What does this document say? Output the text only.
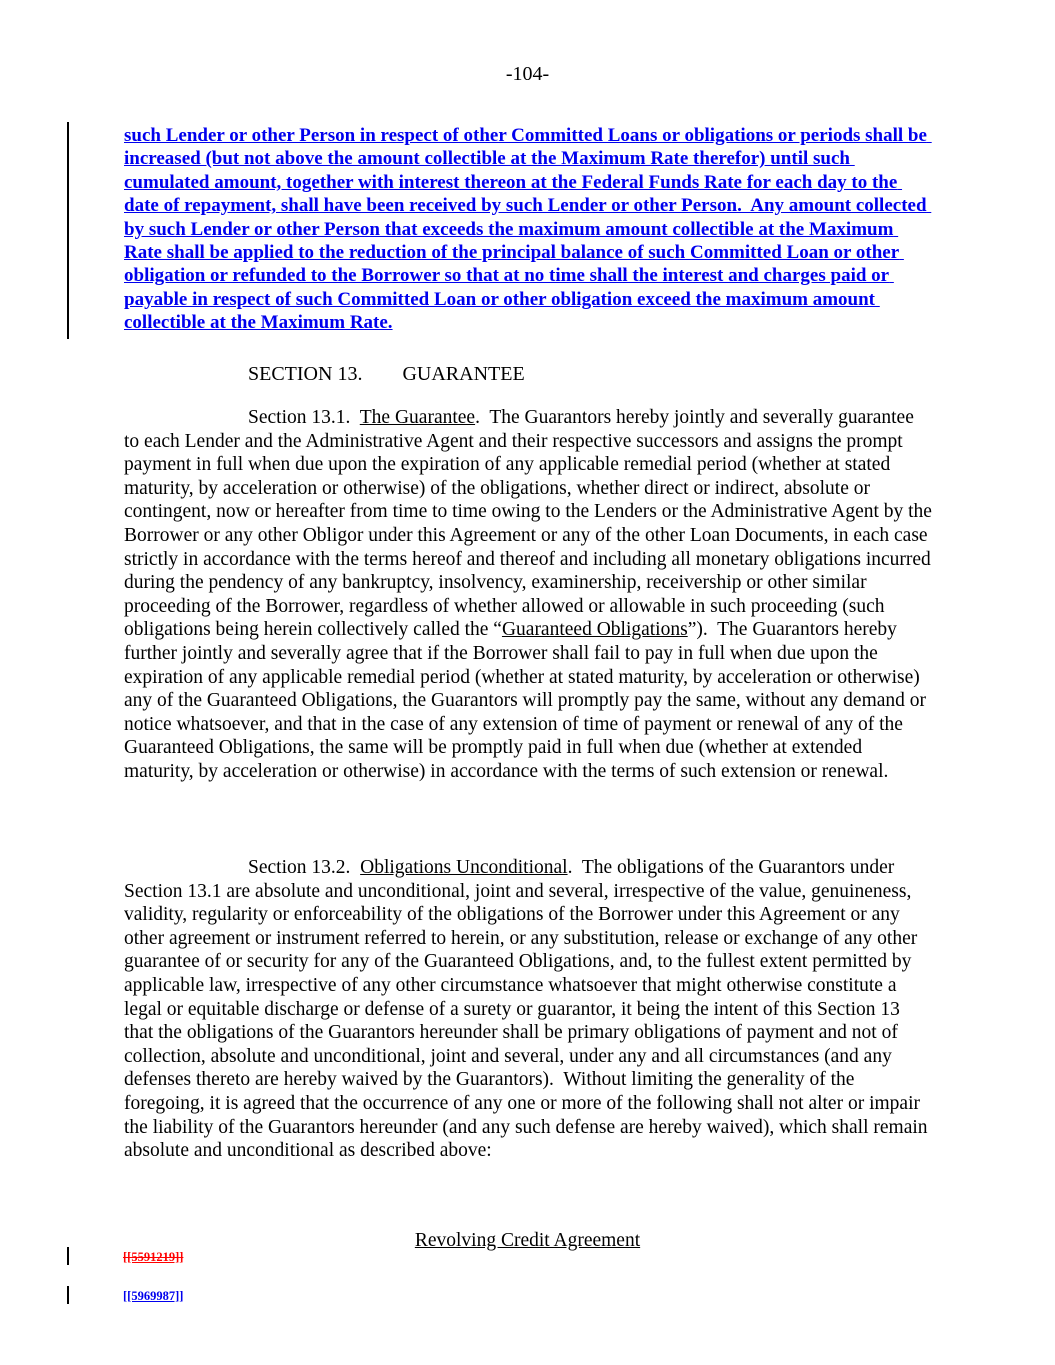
-104-

such Lender or other Person in respect of other Committed Loans or obligations or periods shall be increased (but not above the amount collectible at the Maximum Rate therefor) until such cumulated amount, together with interest thereon at the Federal Funds Rate for each day to the date of repayment, shall have been received by such Lender or other Person.  Any amount collected by such Lender or other Person that exceeds the maximum amount collectible at the Maximum Rate shall be applied to the reduction of the principal balance of such Committed Loan or other obligation or refunded to the Borrower so that at no time shall the interest and charges paid or payable in respect of such Committed Loan or other obligation exceed the maximum amount collectible at the Maximum Rate.

SECTION 13. GUARANTEE

Section 13.1.  The Guarantee.  The Guarantors hereby jointly and severally guarantee to each Lender and the Administrative Agent and their respective successors and assigns the prompt payment in full when due upon the expiration of any applicable remedial period (whether at stated maturity, by acceleration or otherwise) of the obligations, whether direct or indirect, absolute or contingent, now or hereafter from time to time owing to the Lenders or the Administrative Agent by the Borrower or any other Obligor under this Agreement or any of the other Loan Documents, in each case strictly in accordance with the terms hereof and thereof and including all monetary obligations incurred during the pendency of any bankruptcy, insolvency, examinership, receivership or other similar proceeding of the Borrower, regardless of whether allowed or allowable in such proceeding (such obligations being herein collectively called the “Guaranteed Obligations”).  The Guarantors hereby further jointly and severally agree that if the Borrower shall fail to pay in full when due upon the expiration of any applicable remedial period (whether at stated maturity, by acceleration or otherwise) any of the Guaranteed Obligations, the Guarantors will promptly pay the same, without any demand or notice whatsoever, and that in the case of any extension of time of payment or renewal of any of the Guaranteed Obligations, the same will be promptly paid in full when due (whether at extended maturity, by acceleration or otherwise) in accordance with the terms of such extension or renewal.

Section 13.2.  Obligations Unconditional.  The obligations of the Guarantors under Section 13.1 are absolute and unconditional, joint and several, irrespective of the value, genuineness, validity, regularity or enforceability of the obligations of the Borrower under this Agreement or any other agreement or instrument referred to herein, or any substitution, release or exchange of any other guarantee of or security for any of the Guaranteed Obligations, and, to the fullest extent permitted by applicable law, irrespective of any other circumstance whatsoever that might otherwise constitute a legal or equitable discharge or defense of a surety or guarantor, it being the intent of this Section 13 that the obligations of the Guarantors hereunder shall be primary obligations of payment and not of collection, absolute and unconditional, joint and several, under any and all circumstances (and any defenses thereto are hereby waived by the Guarantors).  Without limiting the generality of the foregoing, it is agreed that the occurrence of any one or more of the following shall not alter or impair the liability of the Guarantors hereunder (and any such defense are hereby waived), which shall remain absolute and unconditional as described above:

Revolving Credit Agreement
[[5591219]]
[[5969987]]
